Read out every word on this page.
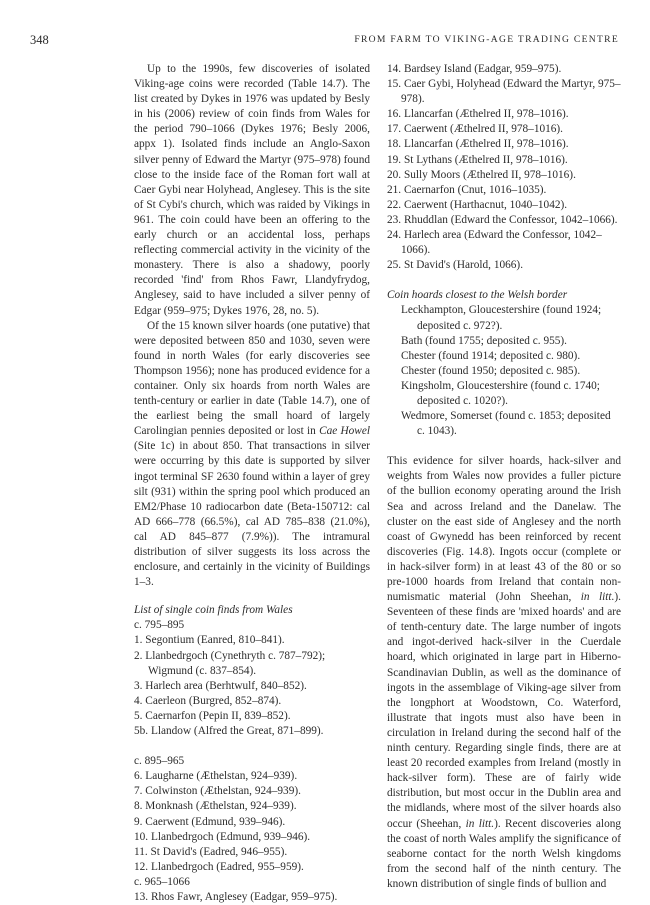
348	FROM FARM TO VIKING-AGE TRADING CENTRE

Up to the 1990s, few discoveries of isolated Viking-age coins were recorded (Table 14.7). The list created by Dykes in 1976 was updated by Besly in his (2006) review of coin finds from Wales for the period 790–1066 (Dykes 1976; Besly 2006, appx 1). Isolated finds include an Anglo-Saxon silver penny of Edward the Martyr (975–978) found close to the inside face of the Roman fort wall at Caer Gybi near Holyhead, Anglesey. This is the site of St Cybi's church, which was raided by Vikings in 961. The coin could have been an offering to the early church or an accidental loss, perhaps reflecting commercial activity in the vicinity of the monastery. There is also a shadowy, poorly recorded 'find' from Rhos Fawr, Llandyfrydog, Anglesey, said to have included a silver penny of Edgar (959–975; Dykes 1976, 28, no. 5).

Of the 15 known silver hoards (one putative) that were deposited between 850 and 1030, seven were found in north Wales (for early discoveries see Thompson 1956); none has produced evidence for a container. Only six hoards from north Wales are tenth-century or earlier in date (Table 14.7), one of the earliest being the small hoard of largely Carolingian pennies deposited or lost in Cae Howel (Site 1c) in about 850. That transactions in silver were occurring by this date is supported by silver ingot terminal SF 2630 found within a layer of grey silt (931) within the spring pool which produced an EM2/Phase 10 radiocarbon date (Beta-150712: cal AD 666–778 (66.5%), cal AD 785–838 (21.0%), cal AD 845–877 (7.9%)). The intramural distribution of silver suggests its loss across the enclosure, and certainly in the vicinity of Buildings 1–3.

List of single coin finds from Wales
c. 795–895
1. Segontium (Eanred, 810–841).
2. Llanbedrgoch (Cynethryth c. 787–792); Wigmund (c. 837–854).
3. Harlech area (Berhtwulf, 840–852).
4. Caerleon (Burgred, 852–874).
5. Caernarfon (Pepin II, 839–852).
5b. Llandow (Alfred the Great, 871–899).
c. 895–965
6. Laugharne (Æthelstan, 924–939).
7. Colwinston (Æthelstan, 924–939).
8. Monknash (Æthelstan, 924–939).
9. Caerwent (Edmund, 939–946).
10. Llanbedrgoch (Edmund, 939–946).
11. St David's (Eadred, 946–955).
12. Llanbedrgoch (Eadred, 955–959).
c. 965–1066
13. Rhos Fawr, Anglesey (Eadgar, 959–975).
14. Bardsey Island (Eadgar, 959–975).
15. Caer Gybi, Holyhead (Edward the Martyr, 975–978).
16. Llancarfan (Æthelred II, 978–1016).
17. Caerwent (Æthelred II, 978–1016).
18. Llancarfan (Æthelred II, 978–1016).
19. St Lythans (Æthelred II, 978–1016).
20. Sully Moors (Æthelred II, 978–1016).
21. Caernarfon (Cnut, 1016–1035).
22. Caerwent (Harthacnut, 1040–1042).
23. Rhuddlan (Edward the Confessor, 1042–1066).
24. Harlech area (Edward the Confessor, 1042–1066).
25. St David's (Harold, 1066).
Coin hoards closest to the Welsh border
Leckhampton, Gloucestershire (found 1924; deposited c. 972?).
Bath (found 1755; deposited c. 955).
Chester (found 1914; deposited c. 980).
Chester (found 1950; deposited c. 985).
Kingsholm, Gloucestershire (found c. 1740; deposited c. 1020?).
Wedmore, Somerset (found c. 1853; deposited c. 1043).

This evidence for silver hoards, hack-silver and weights from Wales now provides a fuller picture of the bullion economy operating around the Irish Sea and across Ireland and the Danelaw. The cluster on the east side of Anglesey and the north coast of Gwynedd has been reinforced by recent discoveries (Fig. 14.8). Ingots occur (complete or in hack-silver form) in at least 43 of the 80 or so pre-1000 hoards from Ireland that contain non-numismatic material (John Sheehan, in litt.). Seventeen of these finds are 'mixed hoards' and are of tenth-century date. The large number of ingots and ingot-derived hack-silver in the Cuerdale hoard, which originated in large part in Hiberno-Scandinavian Dublin, as well as the dominance of ingots in the assemblage of Viking-age silver from the longphort at Woodstown, Co. Waterford, illustrate that ingots must also have been in circulation in Ireland during the second half of the ninth century. Regarding single finds, there are at least 20 recorded examples from Ireland (mostly in hack-silver form). These are of fairly wide distribution, but most occur in the Dublin area and the midlands, where most of the silver hoards also occur (Sheehan, in litt.). Recent discoveries along the coast of north Wales amplify the significance of seaborne contact for the north Welsh kingdoms from the second half of the ninth century. The known distribution of single finds of bullion and
